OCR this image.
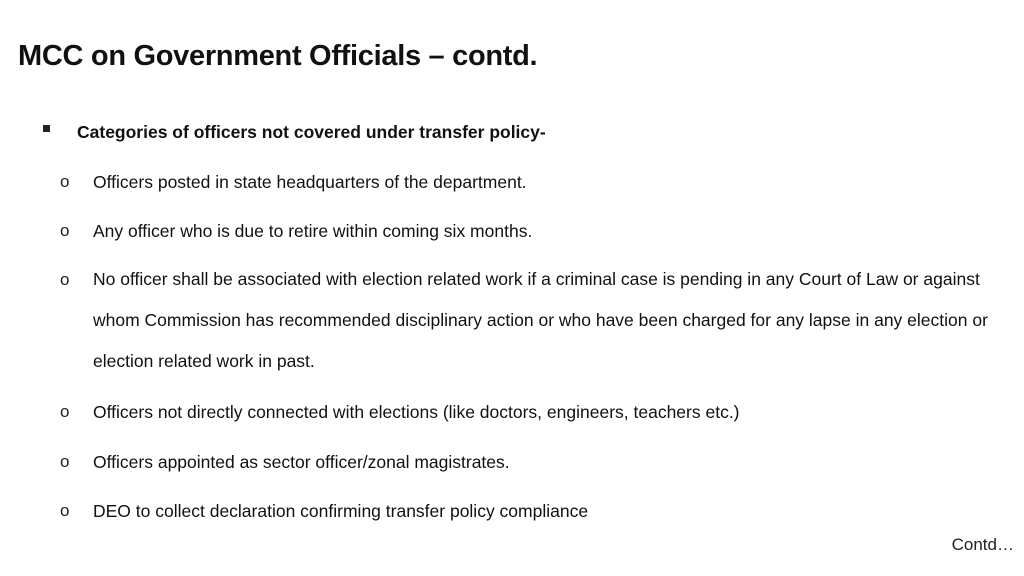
MCC on Government Officials – contd.
Categories of officers not covered under transfer policy-
o	Officers posted in state headquarters of the department.
o	Any officer who is due to retire within coming six months.
o	No officer shall be associated with election related work if a criminal case is pending in any Court of Law or against whom Commission has recommended disciplinary action or who have been charged for any lapse in any election or election related work in past.
o	Officers not directly connected with elections (like doctors, engineers, teachers etc.)
o	Officers appointed as sector officer/zonal magistrates.
o	DEO to collect declaration confirming transfer policy compliance
Contd…
